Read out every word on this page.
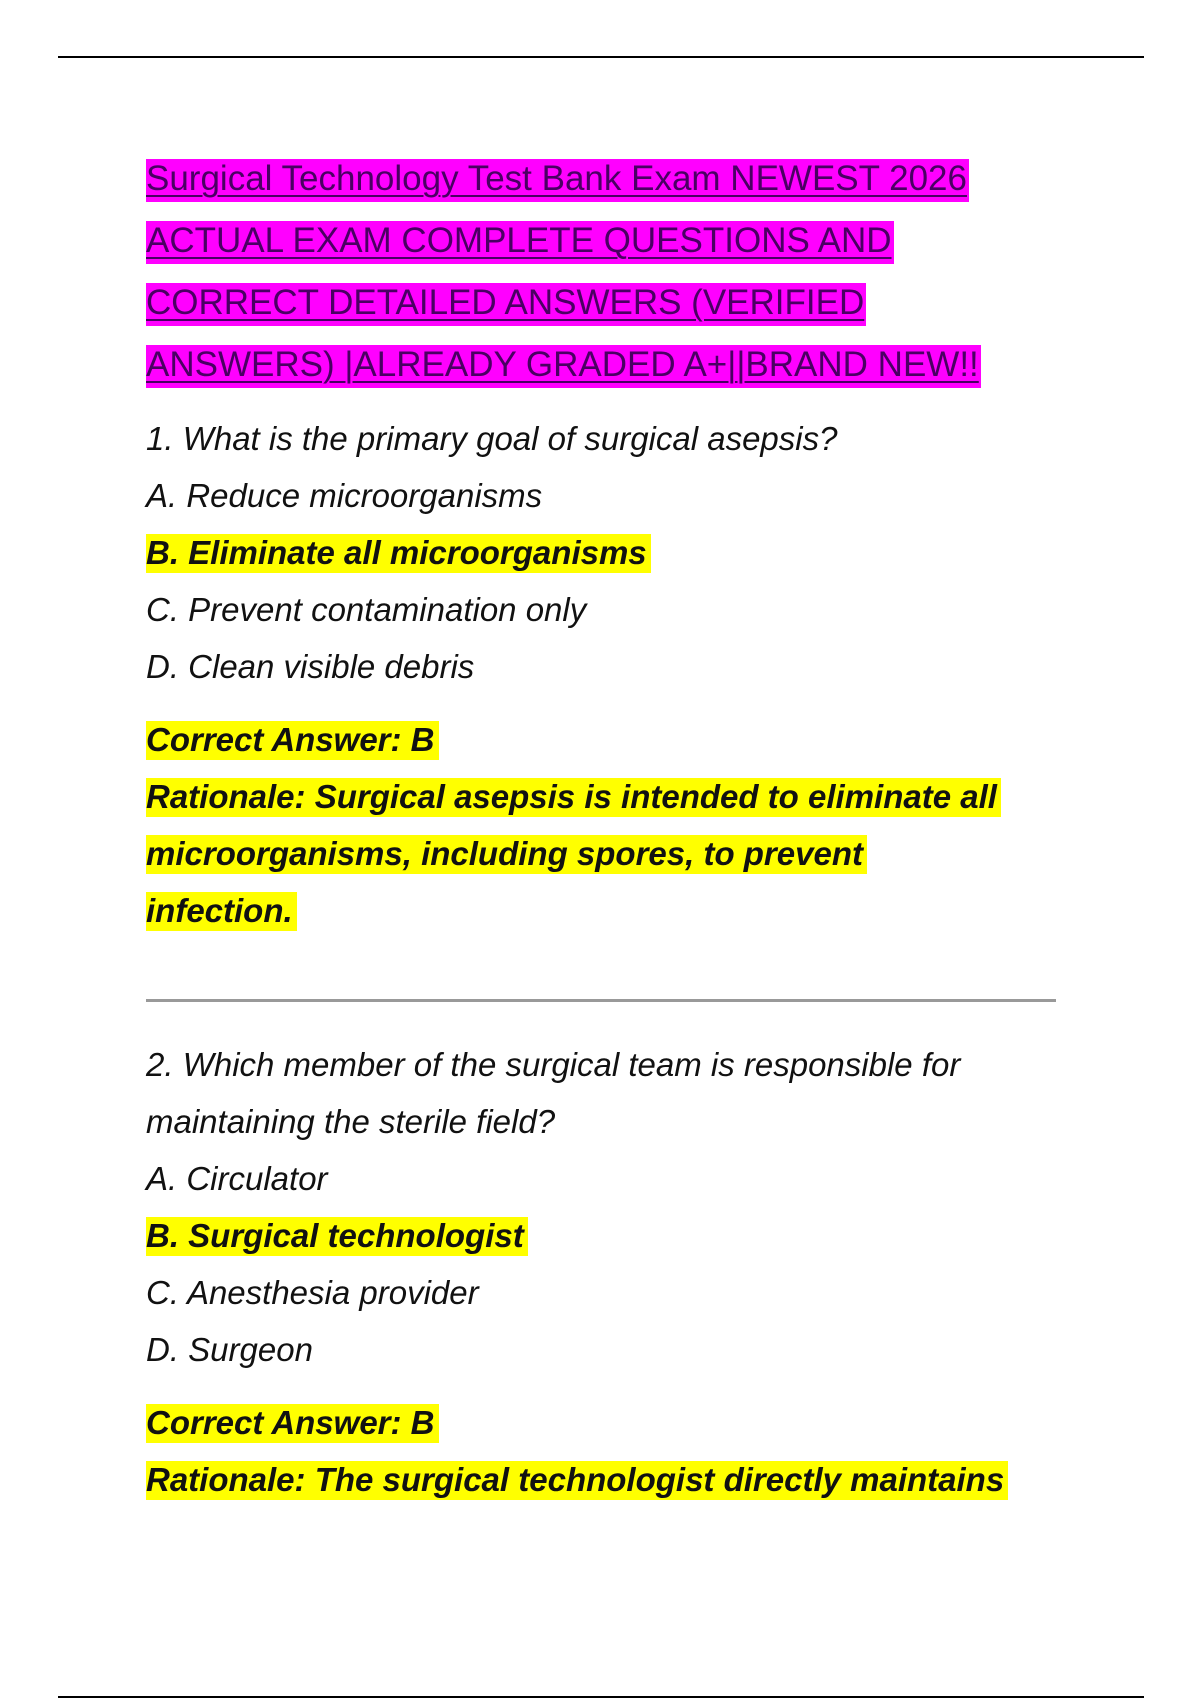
Surgical Technology Test Bank Exam NEWEST 2026
ACTUAL EXAM COMPLETE QUESTIONS AND
CORRECT DETAILED ANSWERS (VERIFIED
ANSWERS) |ALREADY GRADED A+||BRAND NEW!!

1. What is the primary goal of surgical asepsis?

A. Reduce microorganisms

B. Eliminate all microorganisms

C. Prevent contamination only

D. Clean visible debris

Correct Answer: B

Rationale: Surgical asepsis is intended to eliminate all

microorganisms, including spores, to prevent

infection.

2. Which member of the surgical team is responsible for

maintaining the sterile field?

A. Circulator

B. Surgical technologist

C. Anesthesia provider

D. Surgeon

Correct Answer: B

Rationale: The surgical technologist directly maintains
